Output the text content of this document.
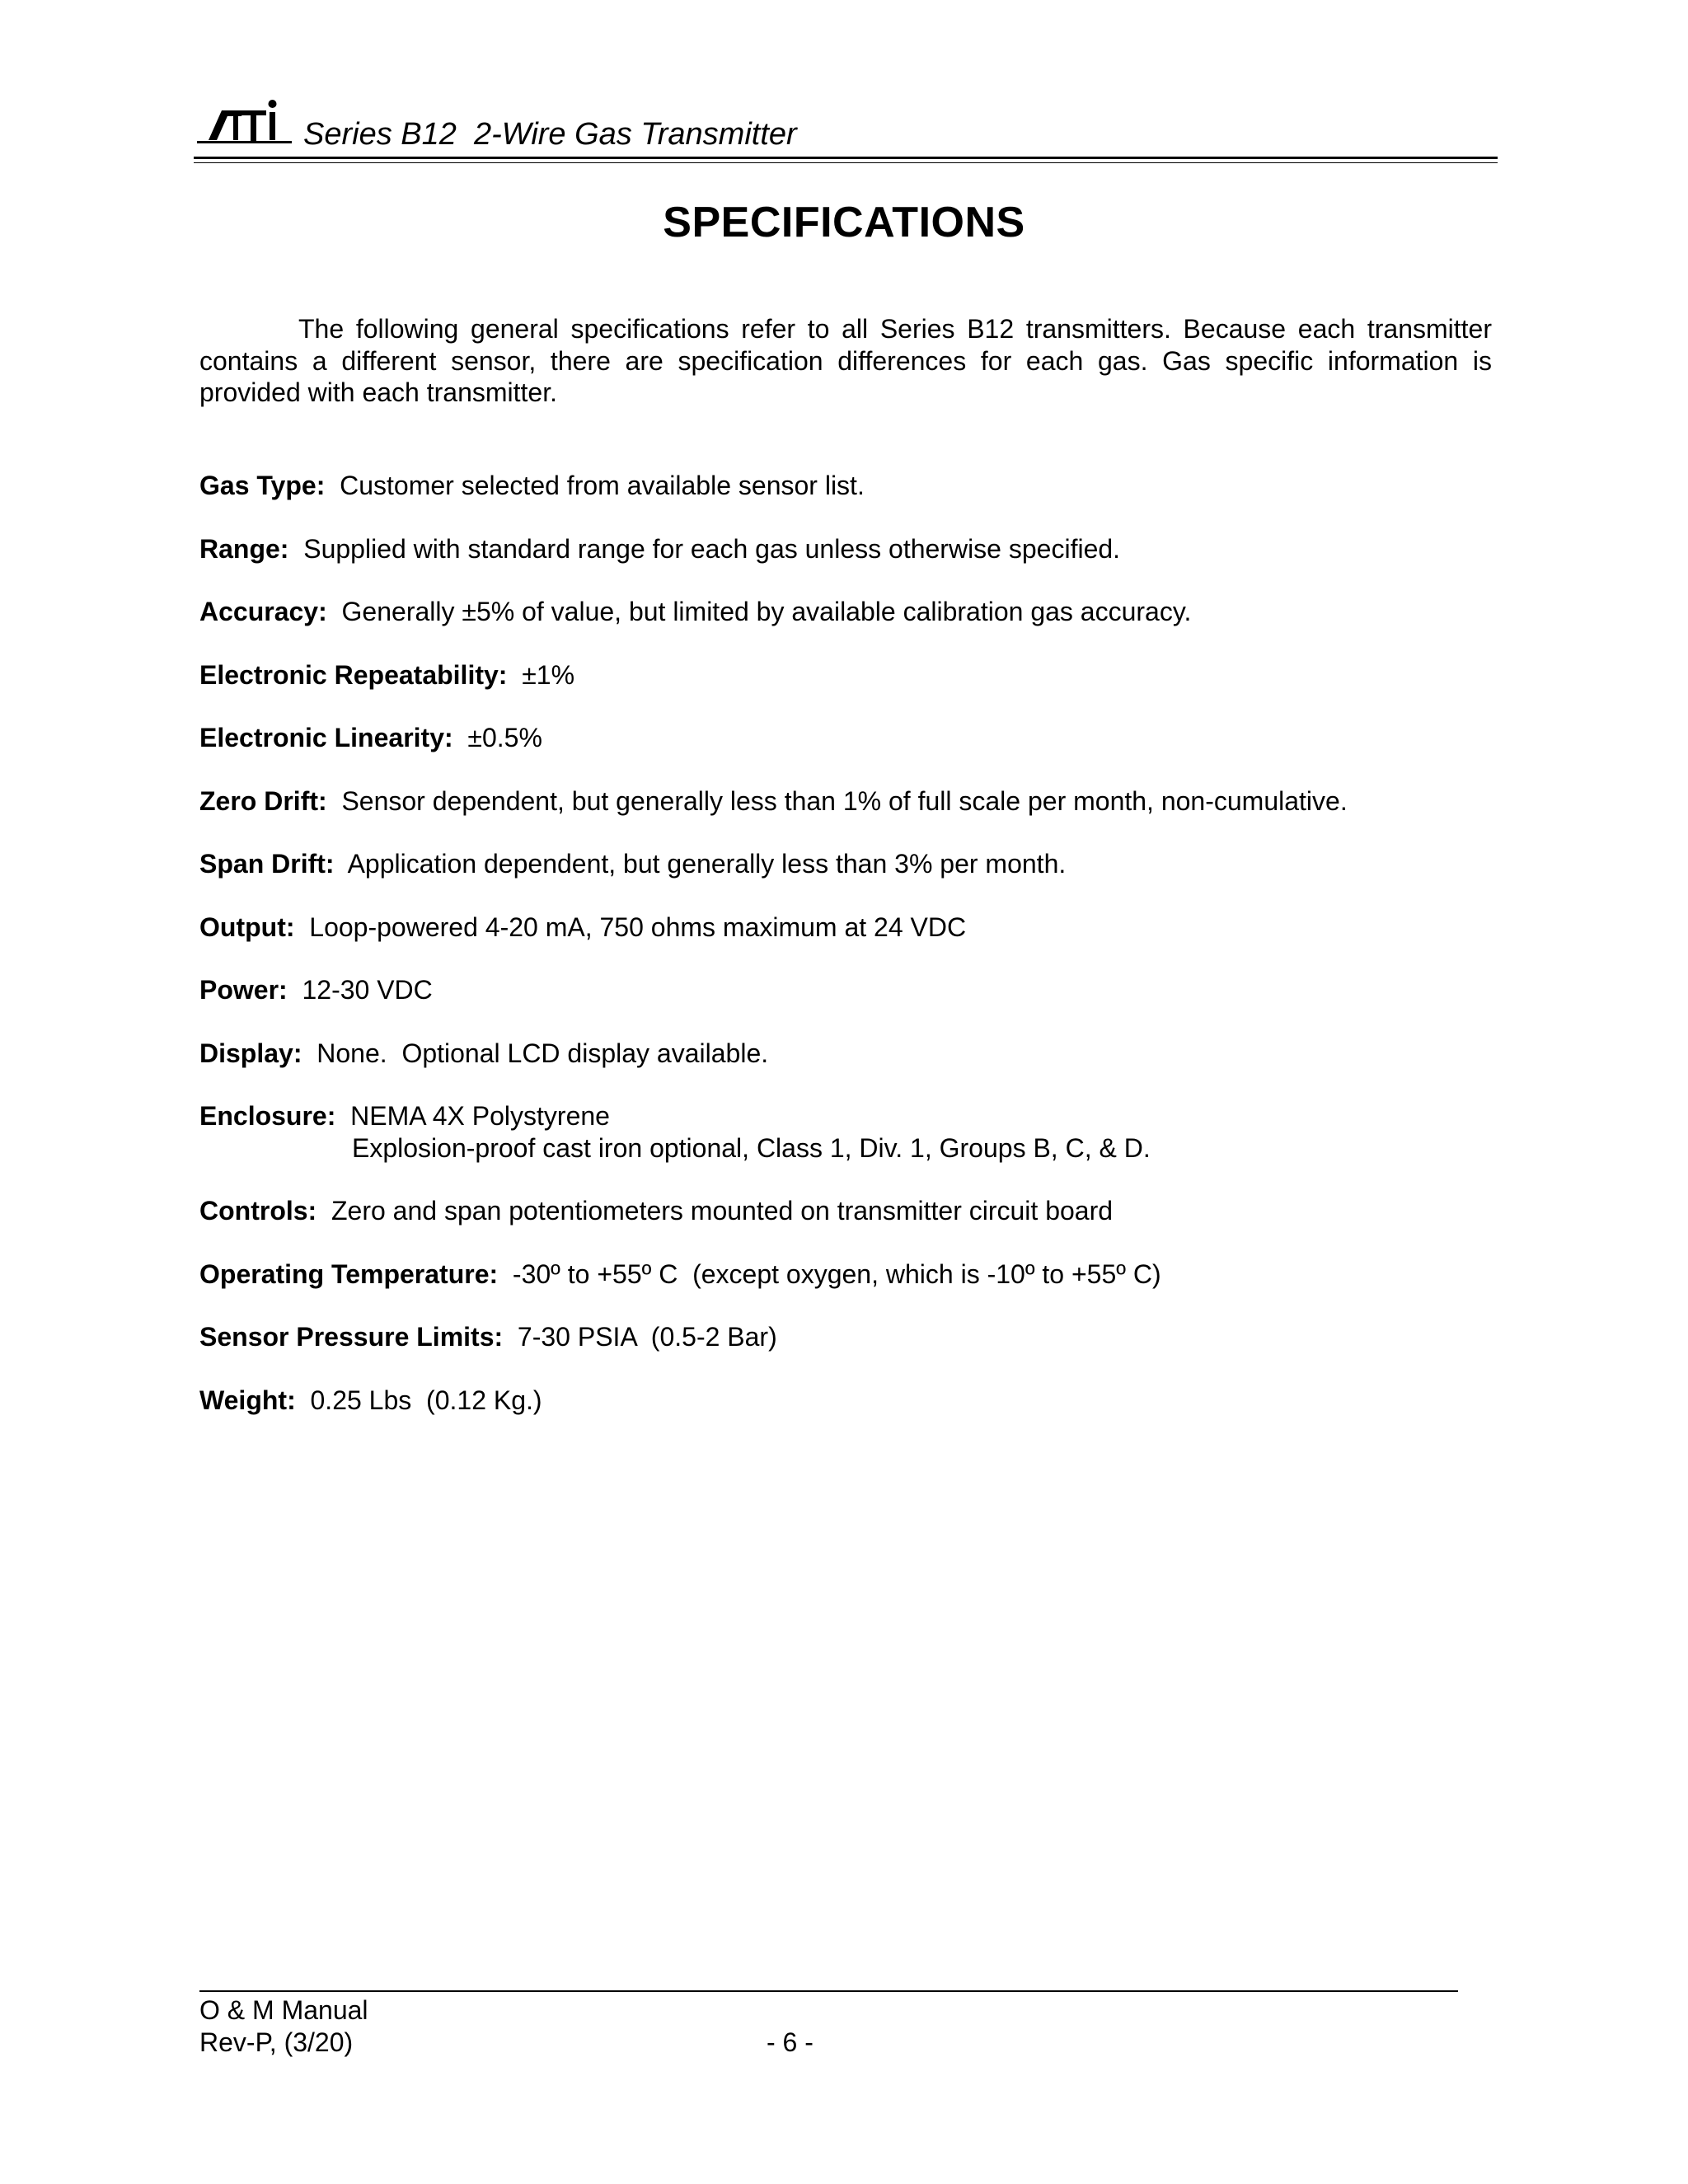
Series B12  2-Wire Gas Transmitter
SPECIFICATIONS

The following general specifications refer to all Series B12 transmitters. Because each transmitter contains a different sensor, there are specification differences for each gas. Gas specific information is provided with each transmitter.

Gas Type: Customer selected from available sensor list.
Range: Supplied with standard range for each gas unless otherwise specified.
Accuracy: Generally ±5% of value, but limited by available calibration gas accuracy.
Electronic Repeatability: ±1%
Electronic Linearity: ±0.5%
Zero Drift: Sensor dependent, but generally less than 1% of full scale per month, non-cumulative.
Span Drift: Application dependent, but generally less than 3% per month.
Output: Loop-powered 4-20 mA, 750 ohms maximum at 24 VDC
Power: 12-30 VDC
Display: None.  Optional LCD display available.
Enclosure: NEMA 4X Polystyrene
Explosion-proof cast iron optional, Class 1, Div. 1, Groups B, C, & D.
Controls: Zero and span potentiometers mounted on transmitter circuit board
Operating Temperature: -30º to +55º C  (except oxygen, which is -10º to +55º C)
Sensor Pressure Limits: 7-30 PSIA  (0.5-2 Bar)
Weight: 0.25 Lbs  (0.12 Kg.)
O & M Manual
Rev-P, (3/20)	- 6 -
